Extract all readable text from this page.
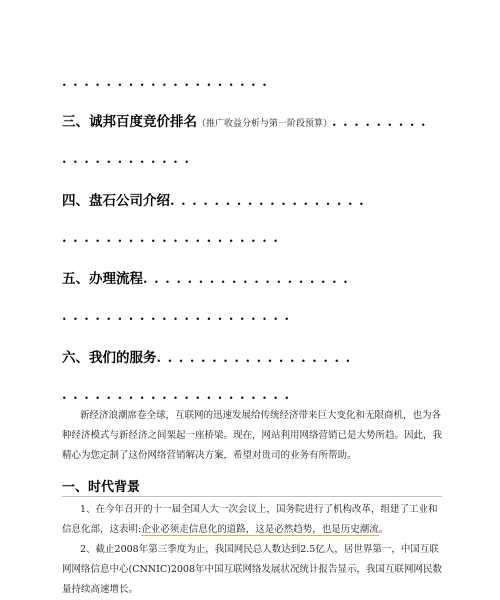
...................
三、诚邦百度竞价排名（推广收益分析与第一阶段预算）.........
............
四、盘石公司介绍..................
....................
五、办理流程...................
.....................
六、我们的服务..................
.....................
新经济浪潮席卷全球，互联网的迅速发展给传统经济带来巨大变化和无限商机，也为各种经济模式与新经济之间架起一座桥梁。现在，网站利用网络营销已是大势所趋。因此，我精心为您定制了这份网络营销解决方案，希望对贵司的业务有所帮助。
一、时代背景
1、在今年召开的十一届全国人大一次会议上，国务院进行了机构改革，组建了工业和信息化部，这表明:企业必须走信息化的道路，这是必然趋势，也是历史潮流。
2、截止2008年第三季度为止，我国网民总人数达到2.5亿人，居世界第一，中国互联网网络信息中心(CNNIC)2008年中国互联网络发展状况统计报告显示，我国互联网网民数量持续高速增长。
